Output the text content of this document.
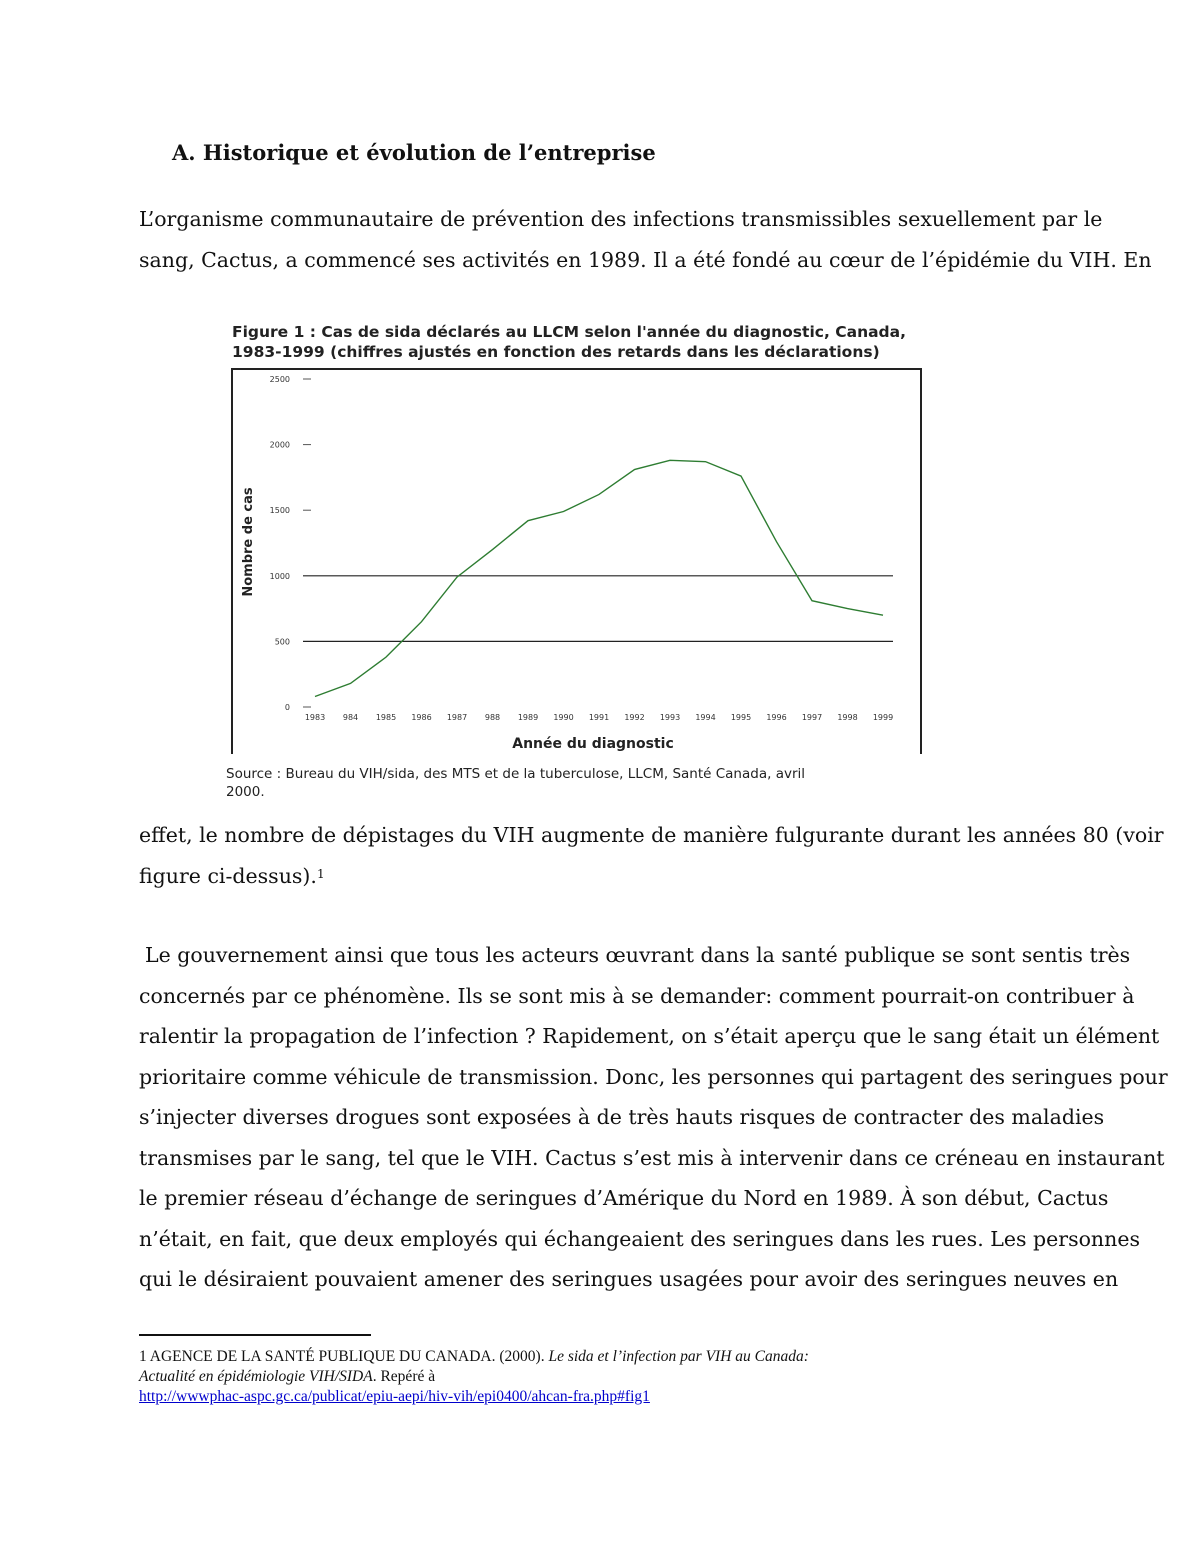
A. Historique et évolution de l’entreprise

L’organisme communautaire de prévention des infections transmissibles sexuellement par le
sang, Cactus, a commencé ses activités en 1989. Il a été fondé au cœur de l’épidémie du VIH. En

Figure 1 : Cas de sida déclarés au LLCM selon l'année du diagnostic, Canada,
1983-1999 (chiffres ajustés en fonction des retards dans les déclarations)
0
500
1000
1500
2000
2500
1983 984 1985 1986 1987 988 1989 1990 1991 1992 1993 1994 1995 1996 1997 1998 1999
Nombre de cas
Année du diagnostic
Source : Bureau du VIH/sida, des MTS et de la tuberculose, LLCM, Santé Canada, avril
2000.

effet, le nombre de dépistages du VIH augmente de manière fulgurante durant les années 80 (voir
figure ci-dessus).$^1$

Le gouvernement ainsi que tous les acteurs œuvrant dans la santé publique se sont sentis très
concernés par ce phénomène. Ils se sont mis à se demander: comment pourrait-on contribuer à
ralentir la propagation de l’infection ? Rapidement, on s’était aperçu que le sang était un élément
prioritaire comme véhicule de transmission. Donc, les personnes qui partagent des seringues pour
s’injecter diverses drogues sont exposées à de très hauts risques de contracter des maladies
transmises par le sang, tel que le VIH. Cactus s’est mis à intervenir dans ce créneau en instaurant
le premier réseau d’échange de seringues d’Amérique du Nord en 1989. À son début, Cactus
n’était, en fait, que deux employés qui échangeaient des seringues dans les rues. Les personnes
qui le désiraient pouvaient amener des seringues usagées pour avoir des seringues neuves en

1 AGENCE DE LA SANTÉ PUBLIQUE DU CANADA. (2000). Le sida et l’infection par VIH au Canada:
Actualité en épidémiologie VIH/SIDA. Repéré à
http://wwwphac-aspc.gc.ca/publicat/epiu-aepi/hiv-vih/epi0400/ahcan-fra.php#fig1
